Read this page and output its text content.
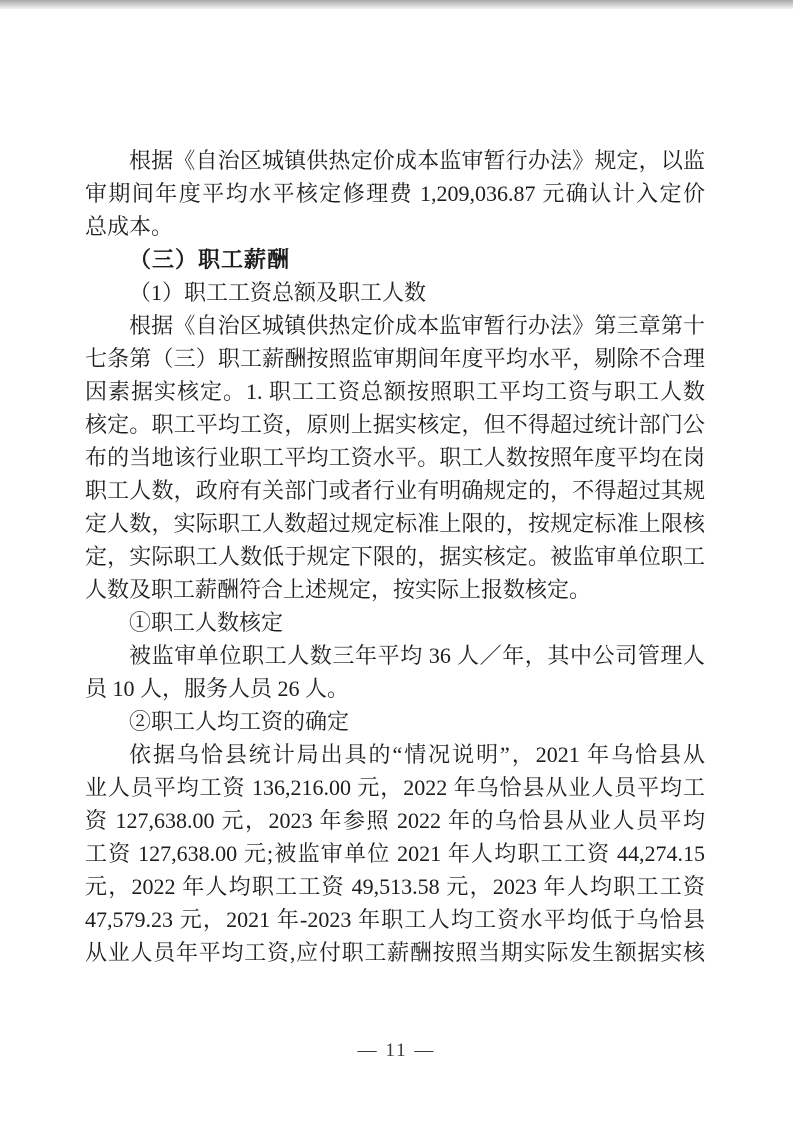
根据《自治区城镇供热定价成本监审暂行办法》规定，以监
审期间年度平均水平核定修理费 1,209,036.87 元确认计入定价
总成本。
（三）职工薪酬
（1）职工工资总额及职工人数
根据《自治区城镇供热定价成本监审暂行办法》第三章第十
七条第（三）职工薪酬按照监审期间年度平均水平，剔除不合理
因素据实核定。1. 职工工资总额按照职工平均工资与职工人数
核定。职工平均工资，原则上据实核定，但不得超过统计部门公
布的当地该行业职工平均工资水平。职工人数按照年度平均在岗
职工人数，政府有关部门或者行业有明确规定的，不得超过其规
定人数，实际职工人数超过规定标准上限的，按规定标准上限核
定，实际职工人数低于规定下限的，据实核定。被监审单位职工
人数及职工薪酬符合上述规定，按实际上报数核定。
①职工人数核定
被监审单位职工人数三年平均 36 人／年，其中公司管理人
员 10 人，服务人员 26 人。
②职工人均工资的确定
依据乌恰县统计局出具的“情况说明”，2021 年乌恰县从
业人员平均工资 136,216.00 元，2022 年乌恰县从业人员平均工
资 127,638.00 元，2023 年参照 2022 年的乌恰县从业人员平均
工资 127,638.00 元;被监审单位 2021 年人均职工工资 44,274.15
元，2022 年人均职工工资 49,513.58 元，2023 年人均职工工资
47,579.23 元，2021 年-2023 年职工人均工资水平均低于乌恰县
从业人员年平均工资,应付职工薪酬按照当期实际发生额据实核
— 11 —
